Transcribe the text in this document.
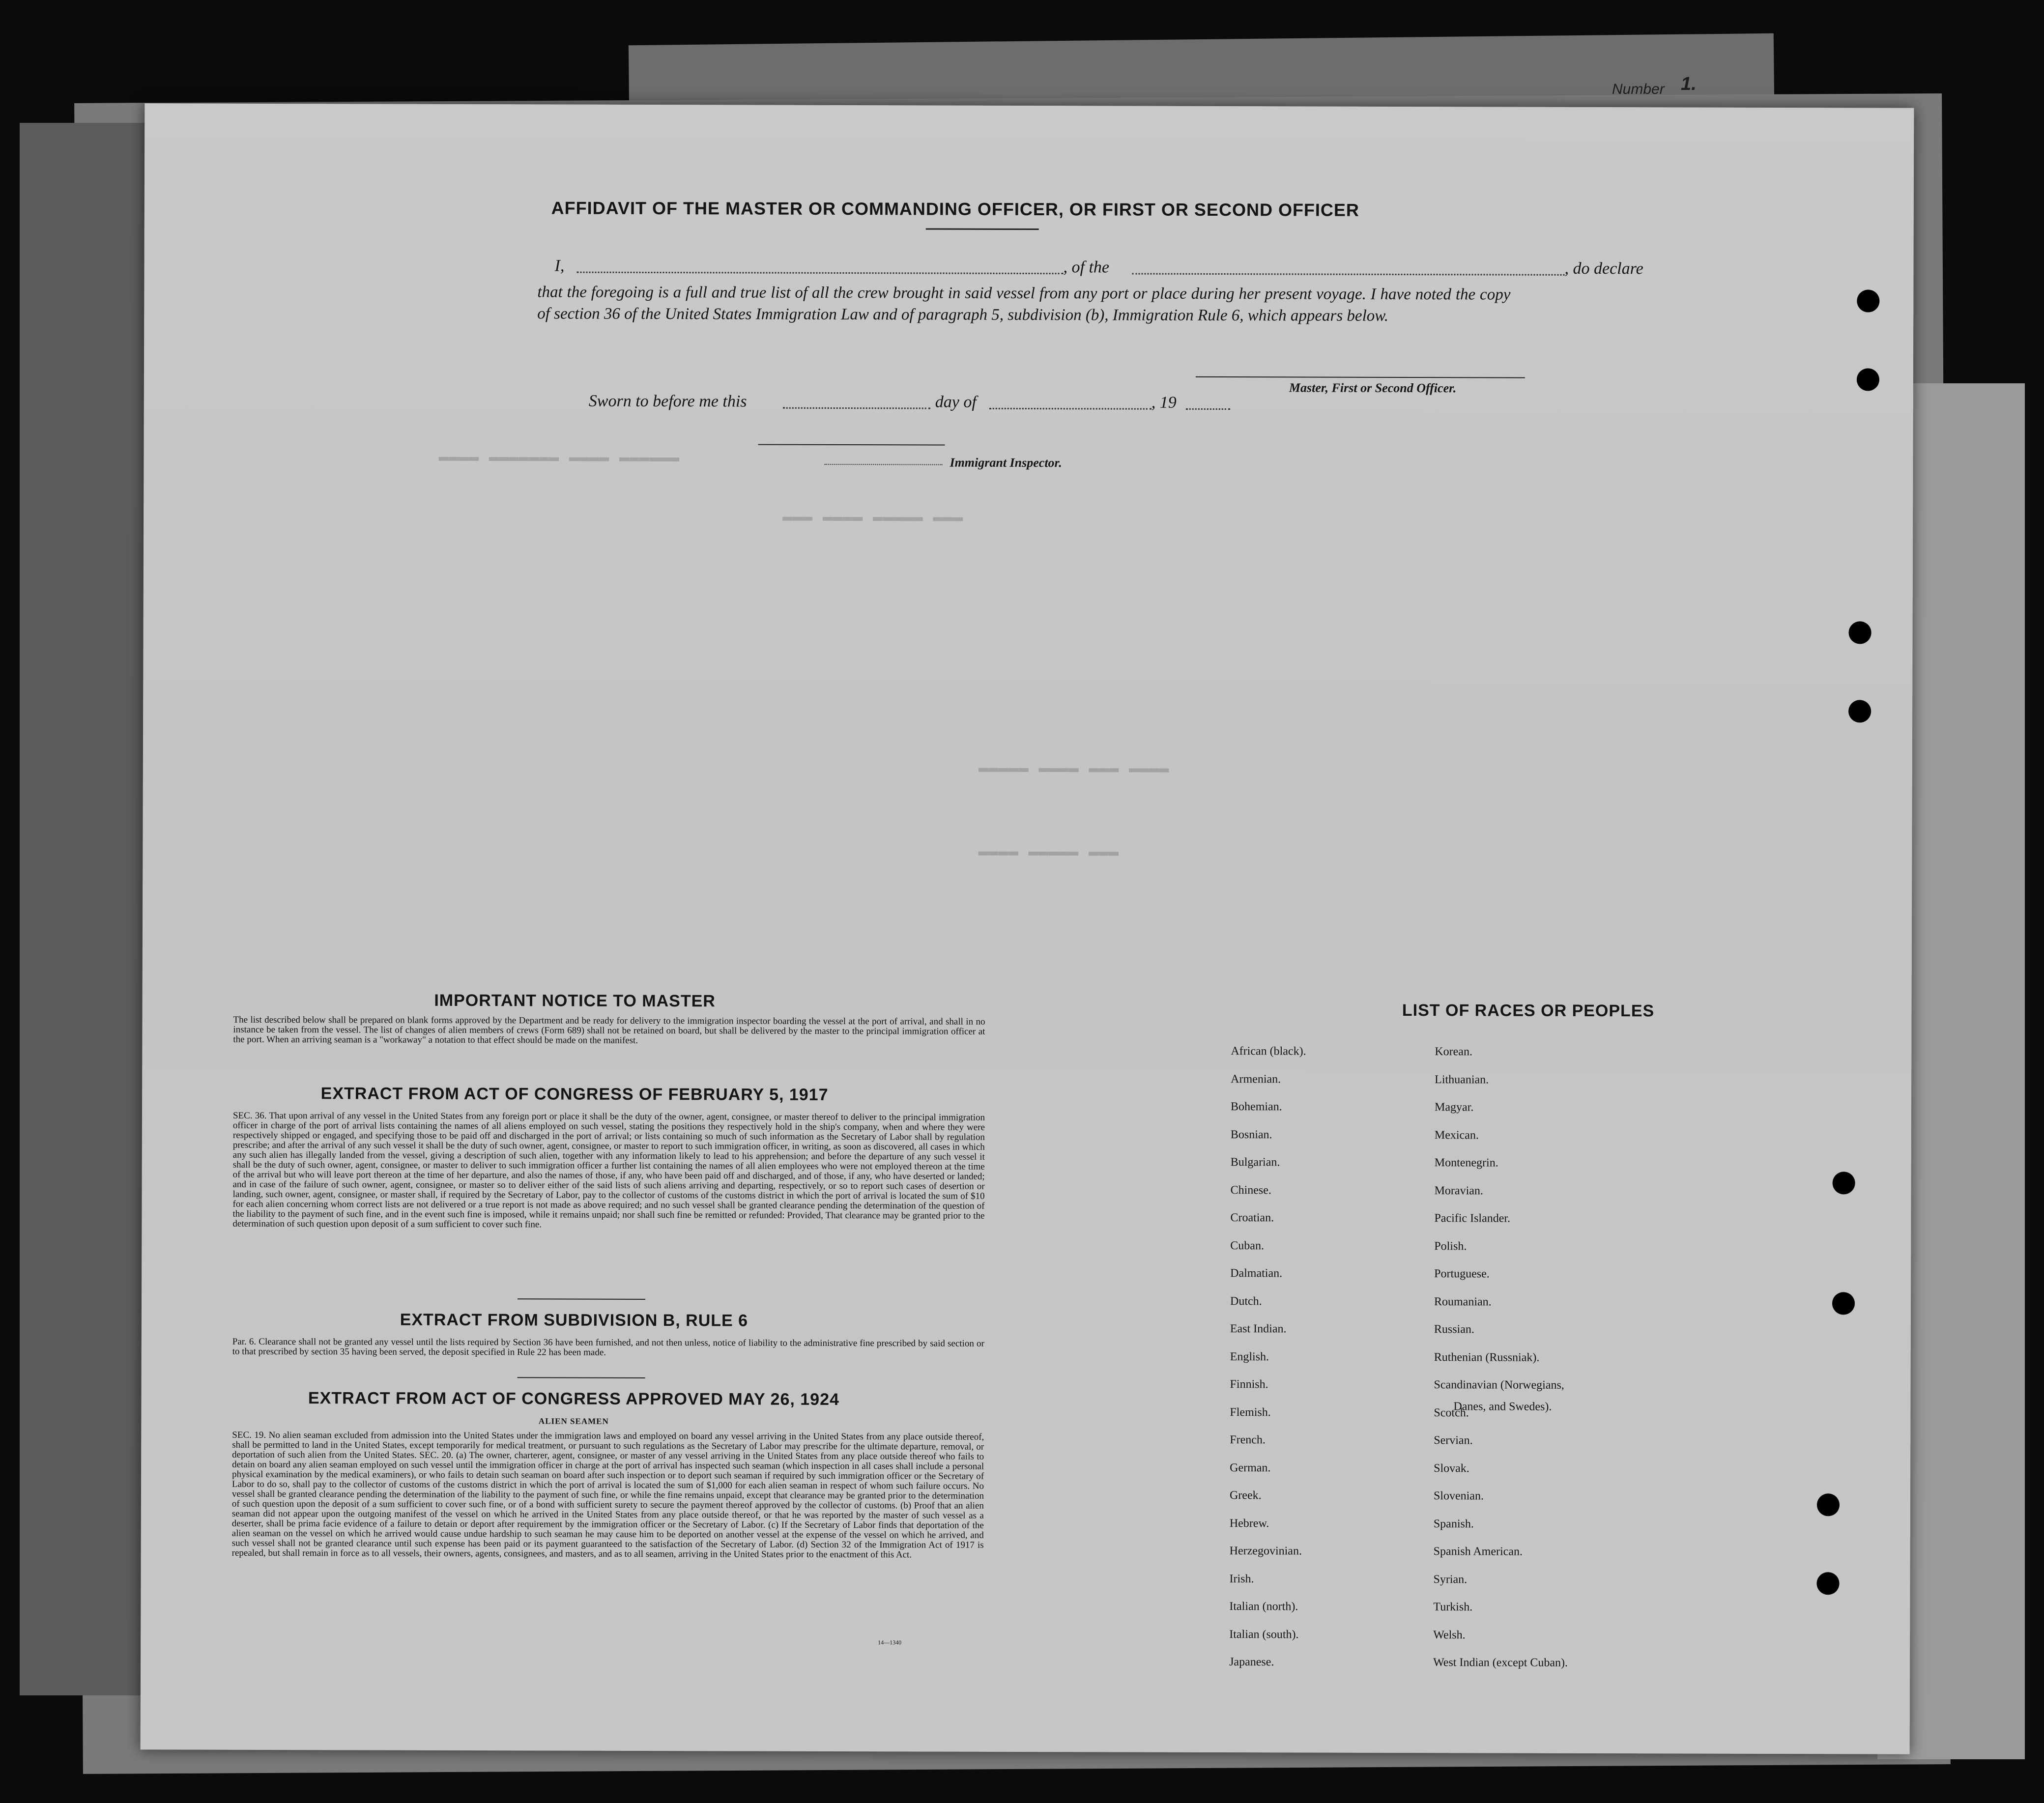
Number 1.
▬▬▬▬ ▬▬▬▬▬▬▬ ▬▬▬▬ ▬▬▬▬▬▬
▬▬▬ ▬▬▬▬ ▬▬▬▬▬ ▬▬▬
▬▬▬▬▬ ▬▬▬▬ ▬▬▬ ▬▬▬▬
▬▬▬▬ ▬▬▬▬▬ ▬▬▬
AFFIDAVIT OF THE MASTER OR COMMANDING OFFICER, OR FIRST OR SECOND OFFICER
I,	, of the	, do declare
that the foregoing is a full and true list of all the crew brought in said vessel from any port or place during her present voyage. I have noted the copy of section 36 of the United States Immigration Law and of paragraph 5, subdivision (b), Immigration Rule 6, which appears below.
Master, First or Second Officer.
Sworn to before me this	day of	, 19
Immigrant Inspector.
IMPORTANT NOTICE TO MASTER
The list described below shall be prepared on blank forms approved by the Department and be ready for delivery to the immigration inspector boarding the vessel at the port of arrival, and shall in no instance be taken from the vessel. The list of changes of alien members of crews (Form 689) shall not be retained on board, but shall be delivered by the master to the principal immigration officer at the port. When an arriving seaman is a "workaway" a notation to that effect should be made on the manifest.
EXTRACT FROM ACT OF CONGRESS OF FEBRUARY 5, 1917
SEC. 36. That upon arrival of any vessel in the United States from any foreign port or place it shall be the duty of the owner, agent, consignee, or master thereof to deliver to the principal immigration officer in charge of the port of arrival lists containing the names of all aliens employed on such vessel, stating the positions they respectively hold in the ship's company, when and where they were respectively shipped or engaged, and specifying those to be paid off and discharged in the port of arrival; or lists containing so much of such information as the Secretary of Labor shall by regulation prescribe; and after the arrival of any such vessel it shall be the duty of such owner, agent, consignee, or master to report to such immigration officer, in writing, as soon as discovered, all cases in which any such alien has illegally landed from the vessel, giving a description of such alien, together with any information likely to lead to his apprehension; and before the departure of any such vessel it shall be the duty of such owner, agent, consignee, or master to deliver to such immigration officer a further list containing the names of all alien employees who were not employed thereon at the time of the arrival but who will leave port thereon at the time of her departure, and also the names of those, if any, who have been paid off and discharged, and of those, if any, who have deserted or landed; and in case of the failure of such owner, agent, consignee, or master so to deliver either of the said lists of such aliens arriving and departing, respectively, or so to report such cases of desertion or landing, such owner, agent, consignee, or master shall, if required by the Secretary of Labor, pay to the collector of customs of the customs district in which the port of arrival is located the sum of $10 for each alien concerning whom correct lists are not delivered or a true report is not made as above required; and no such vessel shall be granted clearance pending the determination of the question of the liability to the payment of such fine, and in the event such fine is imposed, while it remains unpaid; nor shall such fine be remitted or refunded: Provided, That clearance may be granted prior to the determination of such question upon deposit of a sum sufficient to cover such fine.
EXTRACT FROM SUBDIVISION B, RULE 6
Par. 6. Clearance shall not be granted any vessel until the lists required by Section 36 have been furnished, and not then unless, notice of liability to the administrative fine prescribed by said section or to that prescribed by section 35 having been served, the deposit specified in Rule 22 has been made.
EXTRACT FROM ACT OF CONGRESS APPROVED MAY 26, 1924
ALIEN SEAMEN
SEC. 19. No alien seaman excluded from admission into the United States under the immigration laws and employed on board any vessel arriving in the United States from any place outside thereof, shall be permitted to land in the United States, except temporarily for medical treatment, or pursuant to such regulations as the Secretary of Labor may prescribe for the ultimate departure, removal, or deportation of such alien from the United States. SEC. 20. (a) The owner, charterer, agent, consignee, or master of any vessel arriving in the United States from any place outside thereof who fails to detain on board any alien seaman employed on such vessel until the immigration officer in charge at the port of arrival has inspected such seaman (which inspection in all cases shall include a personal physical examination by the medical examiners), or who fails to detain such seaman on board after such inspection or to deport such seaman if required by such immigration officer or the Secretary of Labor to do so, shall pay to the collector of customs of the customs district in which the port of arrival is located the sum of $1,000 for each alien seaman in respect of whom such failure occurs. No vessel shall be granted clearance pending the determination of the liability to the payment of such fine, or while the fine remains unpaid, except that clearance may be granted prior to the determination of such question upon the deposit of a sum sufficient to cover such fine, or of a bond with sufficient surety to secure the payment thereof approved by the collector of customs. (b) Proof that an alien seaman did not appear upon the outgoing manifest of the vessel on which he arrived in the United States from any place outside thereof, or that he was reported by the master of such vessel as a deserter, shall be prima facie evidence of a failure to detain or deport after requirement by the immigration officer or the Secretary of Labor. (c) If the Secretary of Labor finds that deportation of the alien seaman on the vessel on which he arrived would cause undue hardship to such seaman he may cause him to be deported on another vessel at the expense of the vessel on which he arrived, and such vessel shall not be granted clearance until such expense has been paid or its payment guaranteed to the satisfaction of the Secretary of Labor. (d) Section 32 of the Immigration Act of 1917 is repealed, but shall remain in force as to all vessels, their owners, agents, consignees, and masters, and as to all seamen, arriving in the United States prior to the enactment of this Act.
14—1340
LIST OF RACES OR PEOPLES
Danes, and Swedes).
African (black).
Armenian.
Bohemian.
Bosnian.
Bulgarian.
Chinese.
Croatian.
Cuban.
Dalmatian.
Dutch.
East Indian.
English.
Finnish.
Flemish.
French.
German.
Greek.
Hebrew.
Herzegovinian.
Irish.
Italian (north).
Italian (south).
Japanese.
Korean.
Lithuanian.
Magyar.
Mexican.
Montenegrin.
Moravian.
Pacific Islander.
Polish.
Portuguese.
Roumanian.
Russian.
Ruthenian (Russniak).
Scandinavian (Norwegians,
Scotch.
Servian.
Slovak.
Slovenian.
Spanish.
Spanish American.
Syrian.
Turkish.
Welsh.
West Indian (except Cuban).
